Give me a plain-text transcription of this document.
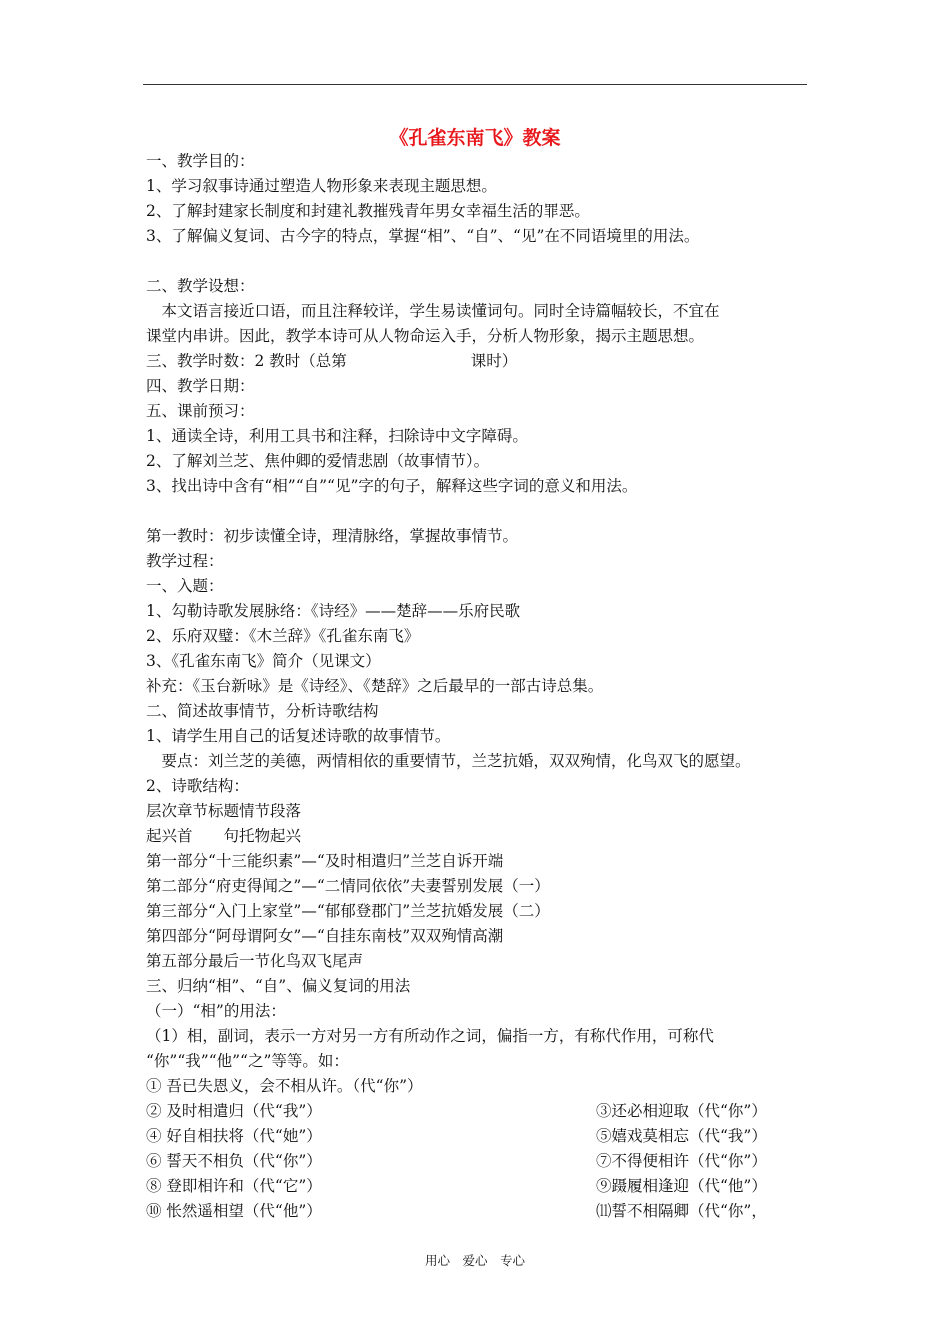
《孔雀东南飞》教案
一、教学目的：
1、学习叙事诗通过塑造人物形象来表现主题思想。
2、了解封建家长制度和封建礼教摧残青年男女幸福生活的罪恶。
3、了解偏义复词、古今字的特点，掌握“相”、“自”、“见”在不同语境里的用法。
二、教学设想：
　本文语言接近口语，而且注释较详，学生易读懂词句。同时全诗篇幅较长，不宜在
课堂内串讲。因此，教学本诗可从人物命运入手，分析人物形象，揭示主题思想。
三、教学时数：2 教时（总第　　　　　　　　课时）
四、教学日期：
五、课前预习：
1、通读全诗，利用工具书和注释，扫除诗中文字障碍。
2、了解刘兰芝、焦仲卿的爱情悲剧（故事情节）。
3、找出诗中含有“相”“自”“见”字的句子，解释这些字词的意义和用法。
第一教时：初步读懂全诗，理清脉络，掌握故事情节。
教学过程：
一、入题：
1、勾勒诗歌发展脉络：《诗经》——楚辞——乐府民歌
2、乐府双璧：《木兰辞》《孔雀东南飞》
3、《孔雀东南飞》简介（见课文）
补充：《玉台新咏》是《诗经》、《楚辞》之后最早的一部古诗总集。
二、简述故事情节，分析诗歌结构
1、请学生用自己的话复述诗歌的故事情节。
　要点：刘兰芝的美德，两情相依的重要情节，兰芝抗婚，双双殉情，化鸟双飞的愿望。
2、诗歌结构：
层次章节标题情节段落
起兴首　　句托物起兴
第一部分“十三能织素”—“及时相遣归”兰芝自诉开端
第二部分“府吏得闻之”—“二情同依依”夫妻誓别发展（一）
第三部分“入门上家堂”—“郁郁登郡门”兰芝抗婚发展（二）
第四部分“阿母谓阿女”—“自挂东南枝”双双殉情高潮
第五部分最后一节化鸟双飞尾声
三、归纳“相”、“自”、偏义复词的用法
（一）“相”的用法：
（1）相，副词，表示一方对另一方有所动作之词，偏指一方，有称代作用，可称代
“你”“我”“他”“之”等等。如：
① 吾已失恩义，会不相从许。（代“你”）
② 及时相遣归（代“我”）
④ 好自相扶将（代“她”）
⑥ 誓天不相负（代“你”）
⑧ 登即相许和（代“它”）
⑩ 怅然遥相望（代“他”）
③还必相迎取（代“你”）
⑤嬉戏莫相忘（代“我”）
⑦不得便相许（代“你”）
⑨蹑履相逢迎（代“他”）
⑾誓不相隔卿（代“你”，
用心　爱心　专心
